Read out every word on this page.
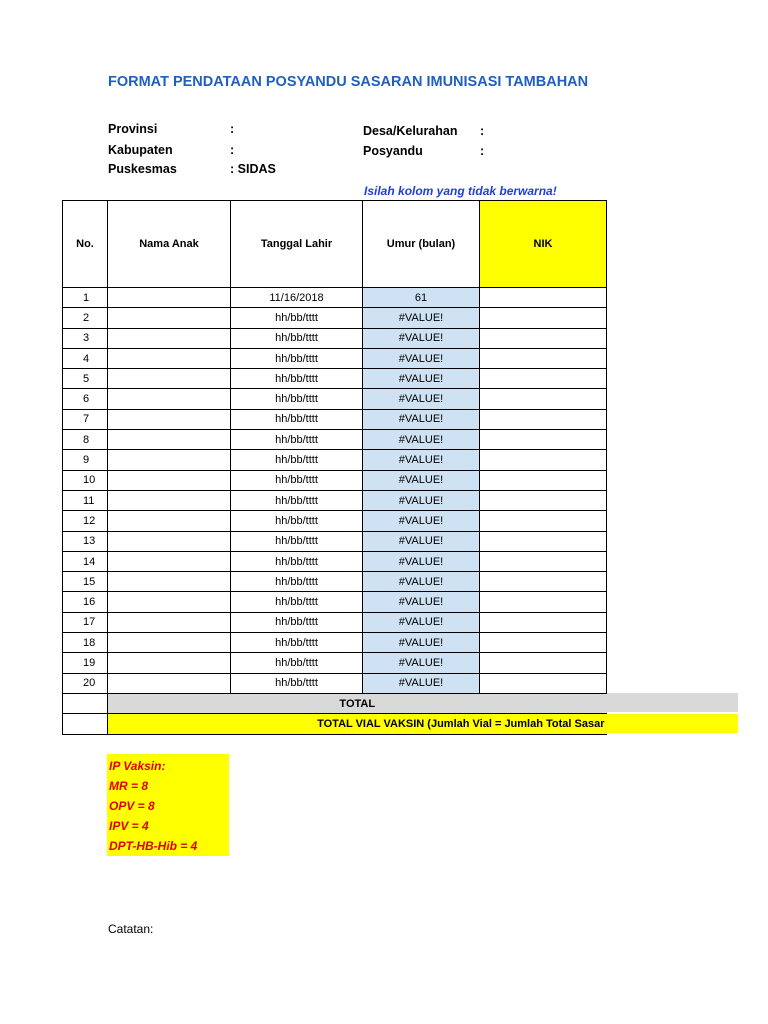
FORMAT PENDATAAN POSYANDU SASARAN IMUNISASI TAMBAHAN
Provinsi	:
Kabupaten	:
Puskesmas	: SIDAS
Desa/Kelurahan :
Posyandu	:
Isilah kolom yang tidak berwarna!
No.	Nama Anak	Tanggal Lahir	Umur (bulan)	NIK
1		11/16/2018	61	
2		hh/bb/tttt	#VALUE!	
3		hh/bb/tttt	#VALUE!	
4		hh/bb/tttt	#VALUE!	
5		hh/bb/tttt	#VALUE!	
6		hh/bb/tttt	#VALUE!	
7		hh/bb/tttt	#VALUE!	
8		hh/bb/tttt	#VALUE!	
9		hh/bb/tttt	#VALUE!	
10		hh/bb/tttt	#VALUE!	
11		hh/bb/tttt	#VALUE!	
12		hh/bb/tttt	#VALUE!	
13		hh/bb/tttt	#VALUE!	
14		hh/bb/tttt	#VALUE!	
15		hh/bb/tttt	#VALUE!	
16		hh/bb/tttt	#VALUE!	
17		hh/bb/tttt	#VALUE!	
18		hh/bb/tttt	#VALUE!	
19		hh/bb/tttt	#VALUE!	
20		hh/bb/tttt	#VALUE!	
	TOTAL			
	TOTAL VIAL VAKSIN (Jumlah Vial = Jumlah Total Sasar			
IP Vaksin:
MR = 8
OPV = 8
IPV = 4
DPT-HB-Hib = 4
Catatan:
